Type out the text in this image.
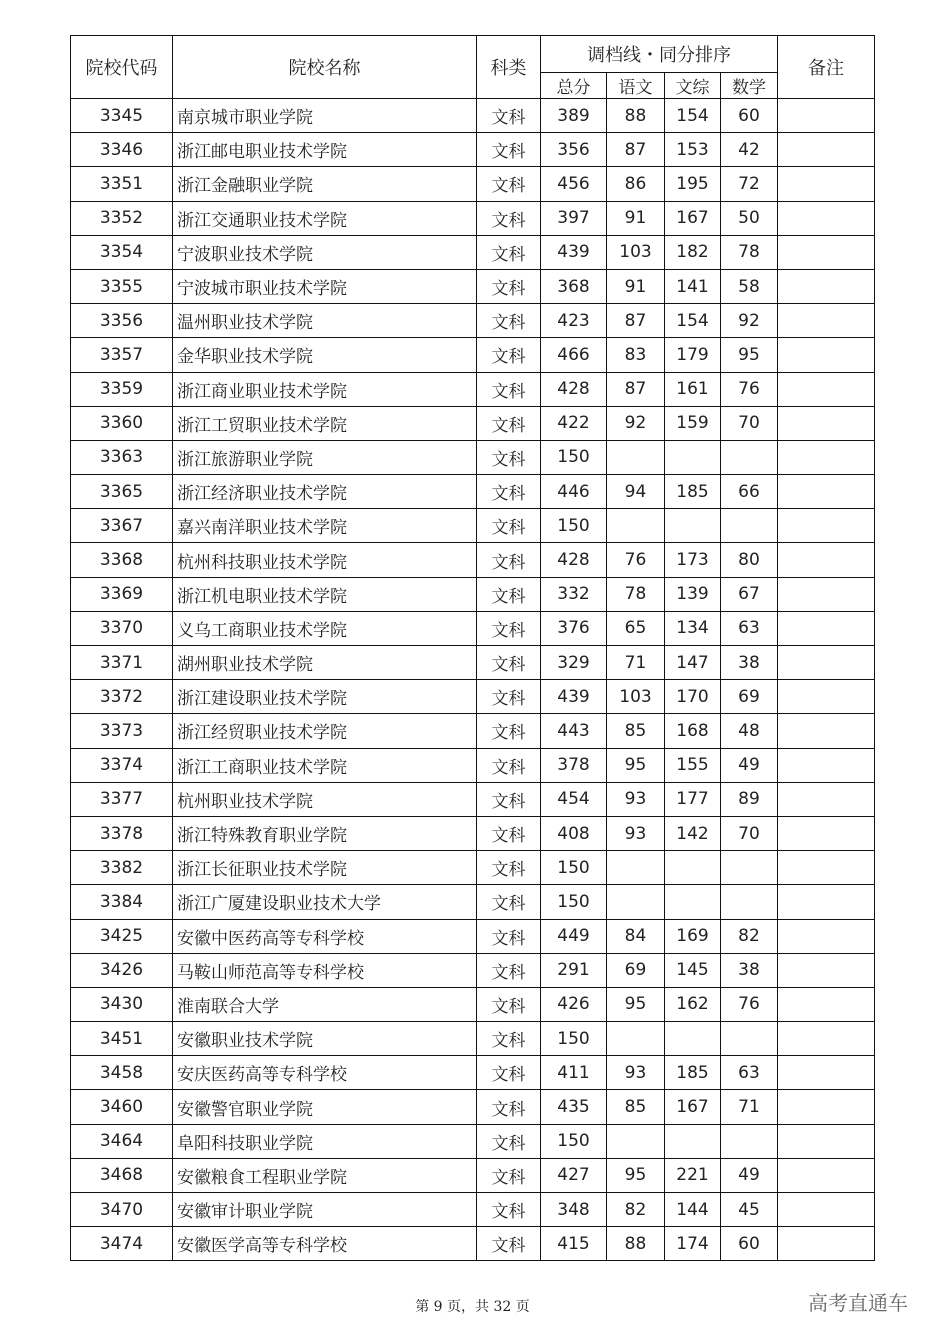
院校代码	院校名称	科类	调档线・同分排序				备注
			总分	语文	文综	数学	
3345	南京城市职业学院	文科	389	88	154	60	
3346	浙江邮电职业技术学院	文科	356	87	153	42	
3351	浙江金融职业学院	文科	456	86	195	72	
3352	浙江交通职业技术学院	文科	397	91	167	50	
3354	宁波职业技术学院	文科	439	103	182	78	
3355	宁波城市职业技术学院	文科	368	91	141	58	
3356	温州职业技术学院	文科	423	87	154	92	
3357	金华职业技术学院	文科	466	83	179	95	
3359	浙江商业职业技术学院	文科	428	87	161	76	
3360	浙江工贸职业技术学院	文科	422	92	159	70	
3363	浙江旅游职业学院	文科	150				
3365	浙江经济职业技术学院	文科	446	94	185	66	
3367	嘉兴南洋职业技术学院	文科	150				
3368	杭州科技职业技术学院	文科	428	76	173	80	
3369	浙江机电职业技术学院	文科	332	78	139	67	
3370	义乌工商职业技术学院	文科	376	65	134	63	
3371	湖州职业技术学院	文科	329	71	147	38	
3372	浙江建设职业技术学院	文科	439	103	170	69	
3373	浙江经贸职业技术学院	文科	443	85	168	48	
3374	浙江工商职业技术学院	文科	378	95	155	49	
3377	杭州职业技术学院	文科	454	93	177	89	
3378	浙江特殊教育职业学院	文科	408	93	142	70	
3382	浙江长征职业技术学院	文科	150				
3384	浙江广厦建设职业技术大学	文科	150				
3425	安徽中医药高等专科学校	文科	449	84	169	82	
3426	马鞍山师范高等专科学校	文科	291	69	145	38	
3430	淮南联合大学	文科	426	95	162	76	
3451	安徽职业技术学院	文科	150				
3458	安庆医药高等专科学校	文科	411	93	185	63	
3460	安徽警官职业学院	文科	435	85	167	71	
3464	阜阳科技职业学院	文科	150				
3468	安徽粮食工程职业学院	文科	427	95	221	49	
3470	安徽审计职业学院	文科	348	82	144	45	
3474	安徽医学高等专科学校	文科	415	88	174	60	
第 9 页，共 32 页	高考直通车
